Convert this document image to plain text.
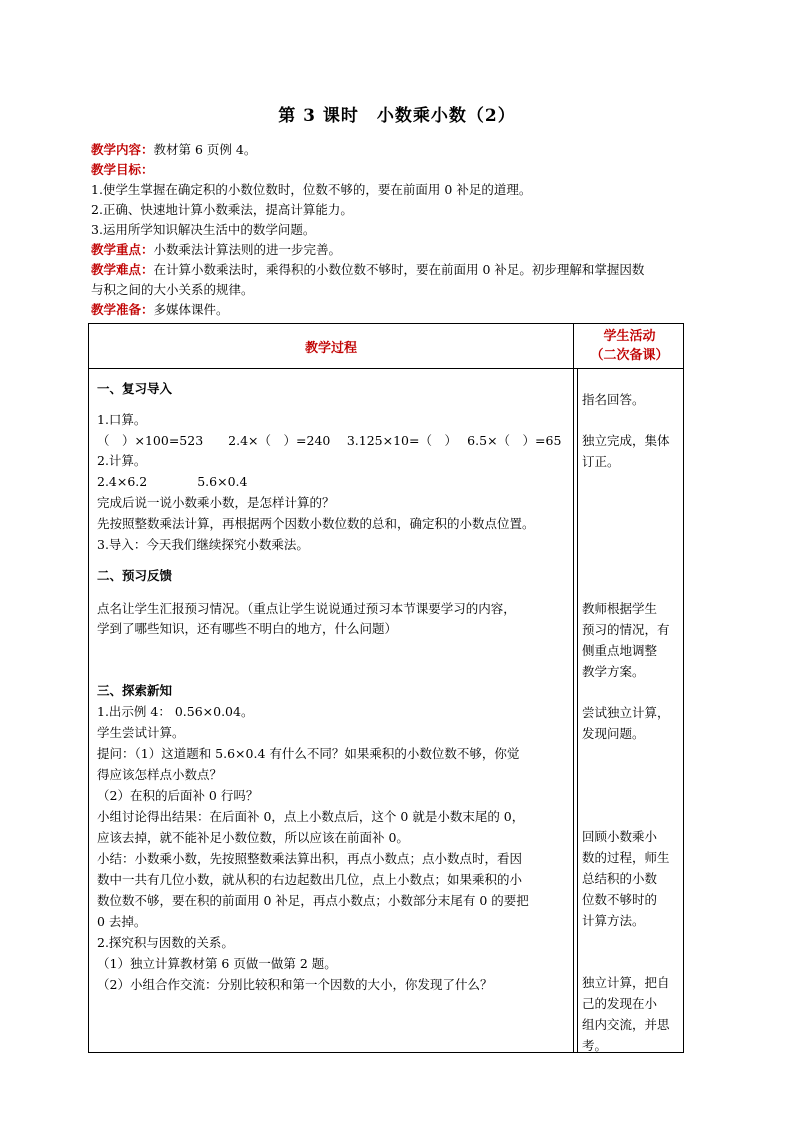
第 3 课时　小数乘小数（2）

教学内容：教材第 6 页例 4。

教学目标：

1.使学生掌握在确定积的小数位数时，位数不够的，要在前面用 0 补足的道理。

2.正确、快速地计算小数乘法，提高计算能力。

3.运用所学知识解决生活中的数学问题。

教学重点：小数乘法计算法则的进一步完善。

教学难点：在计算小数乘法时，乘得积的小数位数不够时，要在前面用 0 补足。初步理解和掌握因数

与积之间的大小关系的规律。

教学准备：多媒体课件。

教学过程
学生活动
（二次备课）
一、复习导入
1.口算。
（　）×100=523　　2.4×（　）=240　 3.125×10=（　）　 6.5×（　）=65
2.计算。
2.4×6.2　　　　5.6×0.4
完成后说一说小数乘小数，是怎样计算的？
先按照整数乘法计算，再根据两个因数小数位数的总和，确定积的小数点位置。
3.导入：今天我们继续探究小数乘法。
二、预习反馈
点名让学生汇报预习情况。（重点让学生说说通过预习本节课要学习的内容，
学到了哪些知识，还有哪些不明白的地方，什么问题）
三、探索新知
1.出示例 4： 0.56×0.04。
学生尝试计算。
提问：（1）这道题和 5.6×0.4 有什么不同？如果乘积的小数位数不够，你觉
得应该怎样点小数点？
（2）在积的后面补 0 行吗？
小组讨论得出结果：在后面补 0，点上小数点后，这个 0 就是小数末尾的 0，
应该去掉，就不能补足小数位数，所以应该在前面补 0。
小结：小数乘小数，先按照整数乘法算出积，再点小数点；点小数点时，看因
数中一共有几位小数，就从积的右边起数出几位，点上小数点；如果乘积的小
数位数不够，要在积的前面用 0 补足，再点小数点；小数部分末尾有 0 的要把
0 去掉。
2.探究积与因数的关系。
（1）独立计算教材第 6 页做一做第 2 题。
（2）小组合作交流：分别比较积和第一个因数的大小，你发现了什么？
指名回答。
独立完成，集体
订正。
教师根据学生
预习的情况，有
侧重点地调整
教学方案。
尝试独立计算，
发现问题。
回顾小数乘小
数的过程，师生
总结积的小数
位数不够时的
计算方法。
独立计算，把自
己的发现在小
组内交流，并思
考。
